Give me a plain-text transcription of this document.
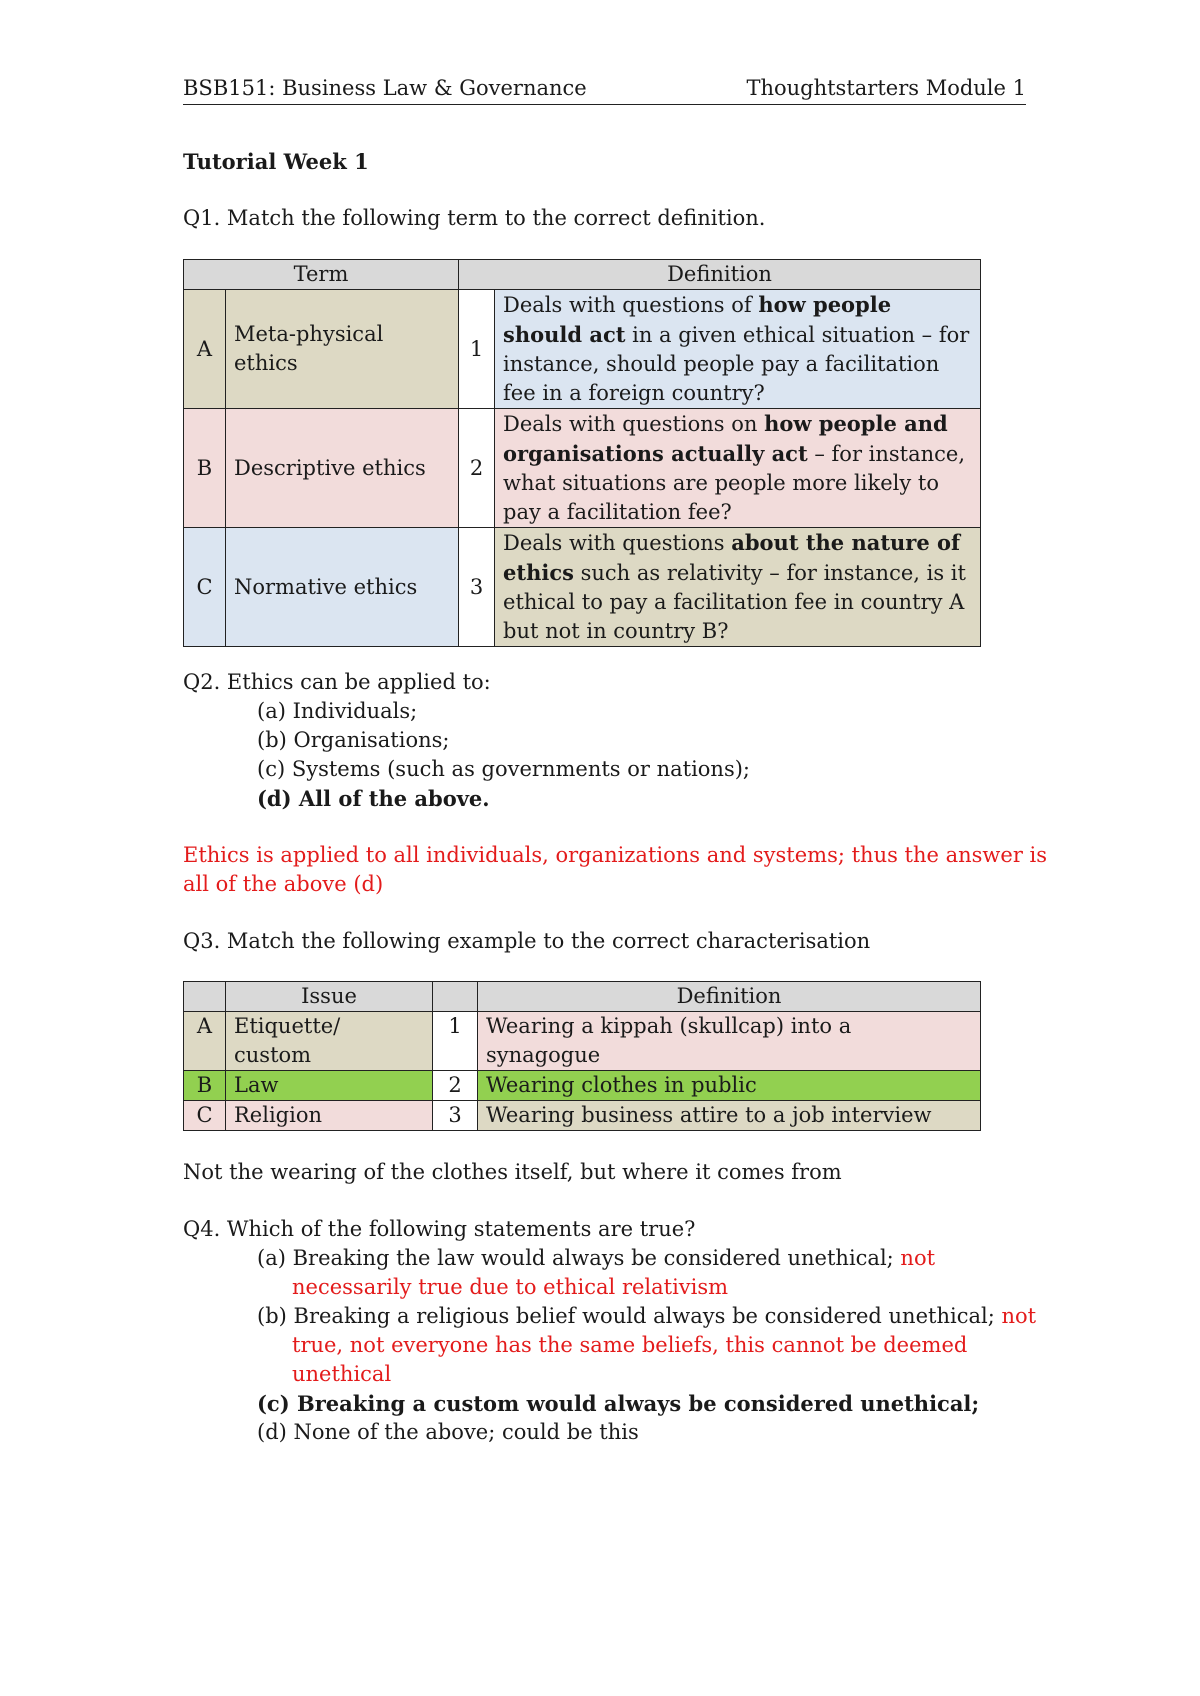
BSB151: Business Law & Governance	Thoughtstarters Module 1
Tutorial Week 1
Q1. Match the following term to the correct definition.
Term		Definition	
A	Meta-physical ethics	1	Deals with questions of how people should act in a given ethical situation – for instance, should people pay a facilitation fee in a foreign country?
B	Descriptive ethics	2	Deals with questions on how people and organisations actually act – for instance, what situations are people more likely to pay a facilitation fee?
C	Normative ethics	3	Deals with questions about the nature of ethics such as relativity – for instance, is it ethical to pay a facilitation fee in country A but not in country B?
Q2. Ethics can be applied to:
(a) Individuals;
(b) Organisations;
(c) Systems (such as governments or nations);
(d) All of the above.
Ethics is applied to all individuals, organizations and systems; thus the answer is
all of the above (d)
Q3. Match the following example to the correct characterisation
	Issue		Definition
A	Etiquette/
custom	1	Wearing a kippah (skullcap) into a synagogue
B	Law	2	Wearing clothes in public
C	Religion	3	Wearing business attire to a job interview
Not the wearing of the clothes itself, but where it comes from
Q4. Which of the following statements are true?
(a) Breaking the law would always be considered unethical; not
necessarily true due to ethical relativism
(b) Breaking a religious belief would always be considered unethical; not
true, not everyone has the same beliefs, this cannot be deemed
unethical
(c) Breaking a custom would always be considered unethical;
(d) None of the above; could be this
